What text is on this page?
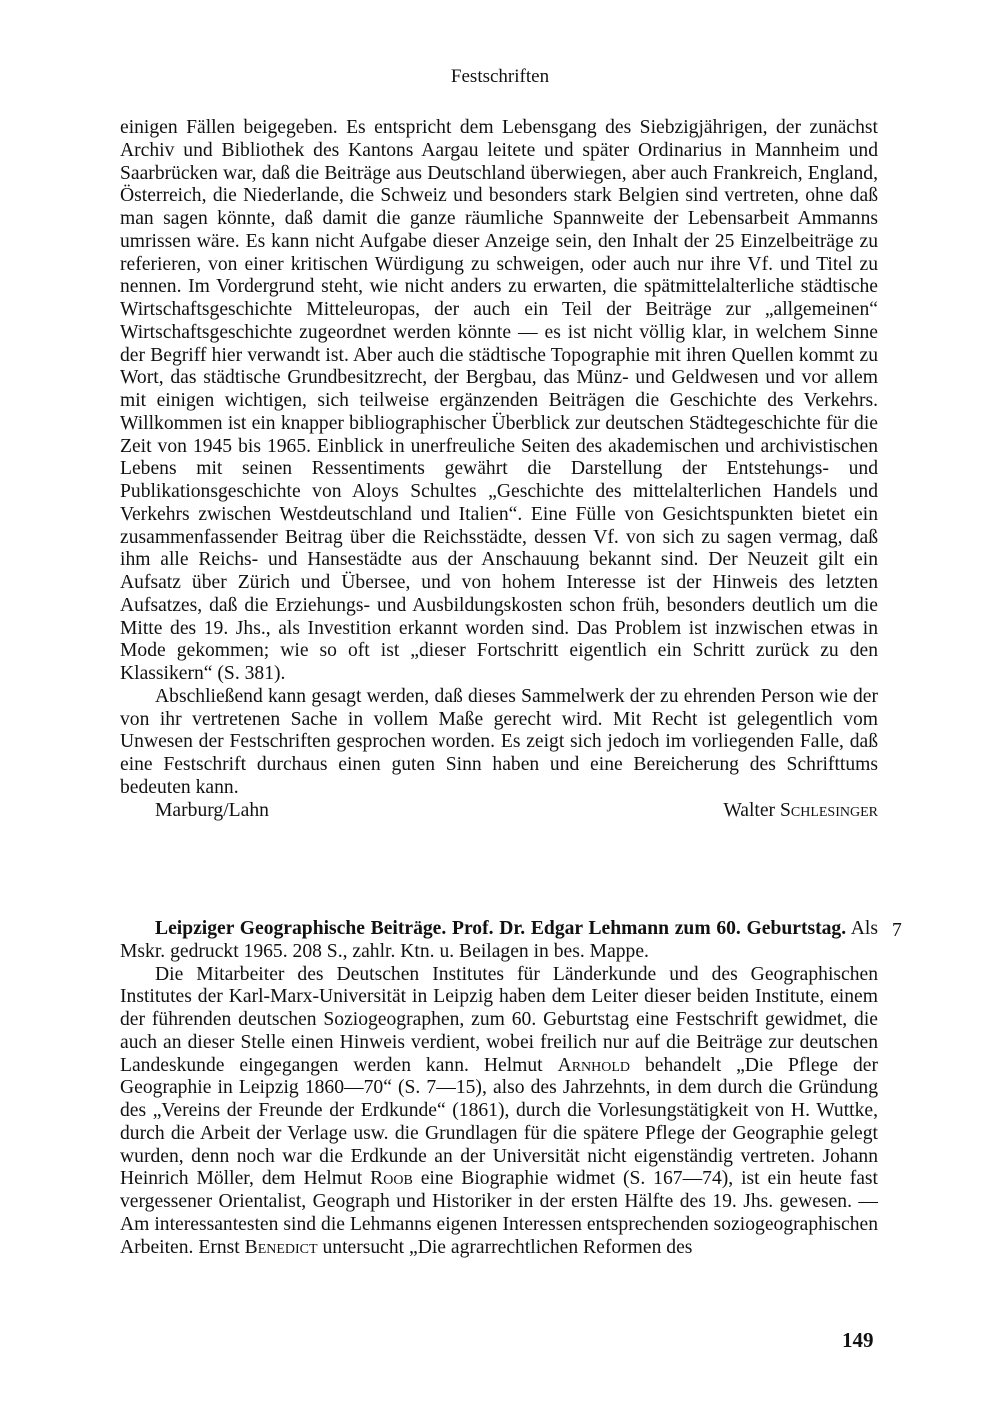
Festschriften

einigen Fällen beigegeben. Es entspricht dem Lebensgang des Siebzigjährigen, der zunächst Archiv und Bibliothek des Kantons Aargau leitete und später Ordinarius in Mannheim und Saarbrücken war, daß die Beiträge aus Deutschland überwiegen, aber auch Frankreich, England, Österreich, die Niederlande, die Schweiz und besonders stark Belgien sind vertreten, ohne daß man sagen könnte, daß damit die ganze räumliche Spannweite der Lebensarbeit Ammanns umrissen wäre. Es kann nicht Aufgabe dieser Anzeige sein, den Inhalt der 25 Einzelbeiträge zu referieren, von einer kritischen Würdigung zu schweigen, oder auch nur ihre Vf. und Titel zu nennen. Im Vordergrund steht, wie nicht anders zu erwarten, die spätmittelalterliche städtische Wirtschaftsgeschichte Mitteleuropas, der auch ein Teil der Beiträge zur „allgemeinen“ Wirtschaftsgeschichte zugeordnet werden könnte — es ist nicht völlig klar, in welchem Sinne der Begriff hier verwandt ist. Aber auch die städtische Topographie mit ihren Quellen kommt zu Wort, das städtische Grundbesitzrecht, der Bergbau, das Münz- und Geldwesen und vor allem mit einigen wichtigen, sich teilweise ergänzenden Beiträgen die Geschichte des Verkehrs. Willkommen ist ein knapper bibliographischer Überblick zur deutschen Städtegeschichte für die Zeit von 1945 bis 1965. Einblick in unerfreuliche Seiten des akademischen und archivistischen Lebens mit seinen Ressentiments gewährt die Darstellung der Entstehungs- und Publikationsgeschichte von Aloys Schultes „Geschichte des mittelalterlichen Handels und Verkehrs zwischen Westdeutschland und Italien“. Eine Fülle von Gesichtspunkten bietet ein zusammenfassender Beitrag über die Reichsstädte, dessen Vf. von sich zu sagen vermag, daß ihm alle Reichs- und Hansestädte aus der Anschauung bekannt sind. Der Neuzeit gilt ein Aufsatz über Zürich und Übersee, und von hohem Interesse ist der Hinweis des letzten Aufsatzes, daß die Erziehungs- und Ausbildungskosten schon früh, besonders deutlich um die Mitte des 19. Jhs., als Investition erkannt worden sind. Das Problem ist inzwischen etwas in Mode gekommen; wie so oft ist „dieser Fortschritt eigentlich ein Schritt zurück zu den Klassikern“ (S. 381).

Abschließend kann gesagt werden, daß dieses Sammelwerk der zu ehrenden Person wie der von ihr vertretenen Sache in vollem Maße gerecht wird. Mit Recht ist gelegentlich vom Unwesen der Festschriften gesprochen worden. Es zeigt sich jedoch im vorliegenden Falle, daß eine Festschrift durchaus einen guten Sinn haben und eine Bereicherung des Schrifttums bedeuten kann.

Marburg/Lahn	Walter Schlesinger
7

Leipziger Geographische Beiträge. Prof. Dr. Edgar Lehmann zum 60. Geburtstag. Als Mskr. gedruckt 1965. 208 S., zahlr. Ktn. u. Beilagen in bes. Mappe.

Die Mitarbeiter des Deutschen Institutes für Länderkunde und des Geographischen Institutes der Karl-Marx-Universität in Leipzig haben dem Leiter dieser beiden Institute, einem der führenden deutschen Soziogeographen, zum 60. Geburtstag eine Festschrift gewidmet, die auch an dieser Stelle einen Hinweis verdient, wobei freilich nur auf die Beiträge zur deutschen Landeskunde eingegangen werden kann. Helmut Arnhold behandelt „Die Pflege der Geographie in Leipzig 1860—70“ (S. 7—15), also des Jahrzehnts, in dem durch die Gründung des „Vereins der Freunde der Erdkunde“ (1861), durch die Vorlesungstätigkeit von H. Wuttke, durch die Arbeit der Verlage usw. die Grundlagen für die spätere Pflege der Geographie gelegt wurden, denn noch war die Erdkunde an der Universität nicht eigenständig vertreten. Johann Heinrich Möller, dem Helmut Roob eine Biographie widmet (S. 167—74), ist ein heute fast vergessener Orientalist, Geograph und Historiker in der ersten Hälfte des 19. Jhs. gewesen. — Am interessantesten sind die Lehmanns eigenen Interessen entsprechenden soziogeographischen Arbeiten. Ernst Benedict untersucht „Die agrarrechtlichen Reformen des

149
